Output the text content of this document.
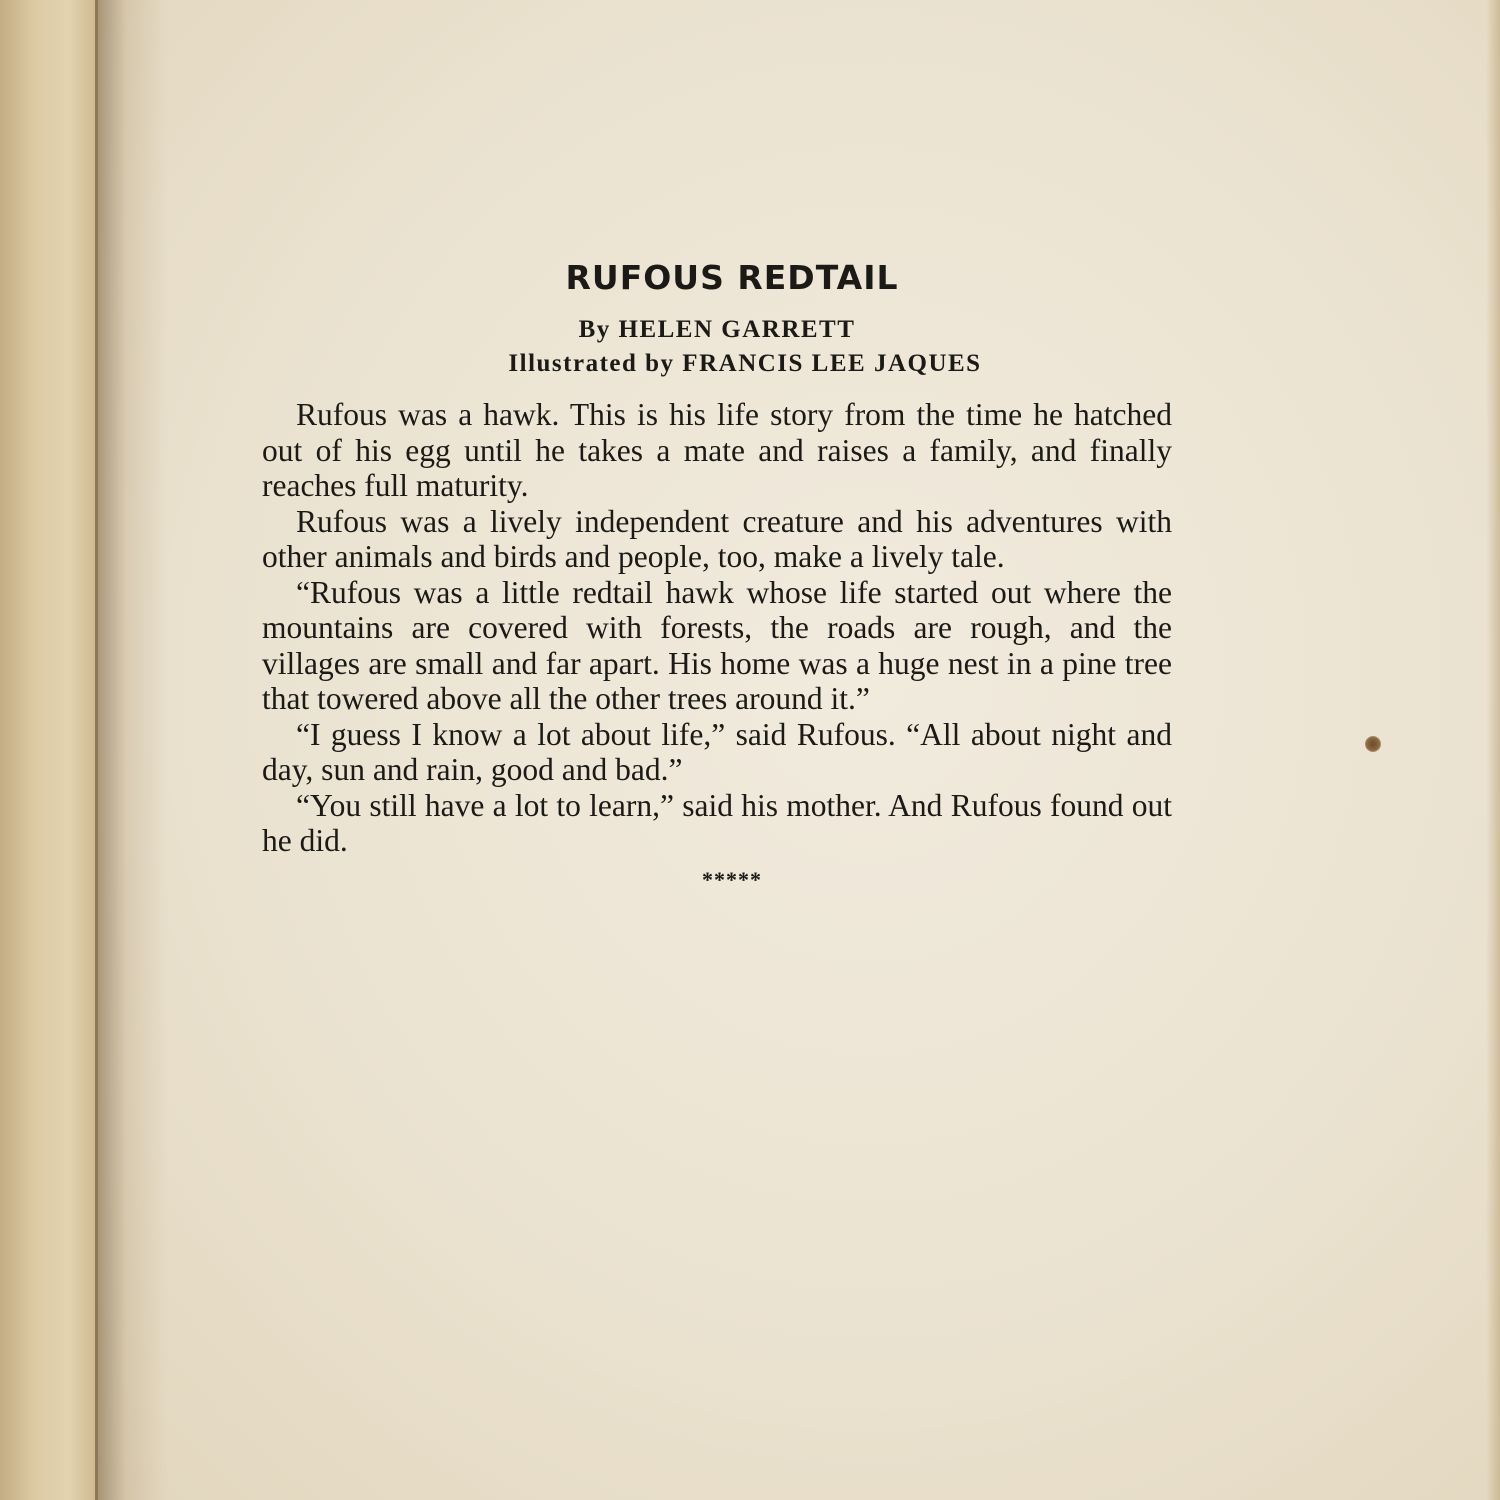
RUFOUS REDTAIL
By HELEN GARRETT
Illustrated by FRANCIS LEE JAQUES

Rufous was a hawk. This is his life story from the time he hatched out of his egg until he takes a mate and raises a family, and finally reaches full maturity.

Rufous was a lively independent creature and his adventures with other animals and birds and people, too, make a lively tale.

“Rufous was a little redtail hawk whose life started out where the mountains are covered with forests, the roads are rough, and the villages are small and far apart. His home was a huge nest in a pine tree that towered above all the other trees around it.”

“I guess I know a lot about life,” said Rufous. “All about night and day, sun and rain, good and bad.”

“You still have a lot to learn,” said his mother. And Rufous found out he did.

*****
